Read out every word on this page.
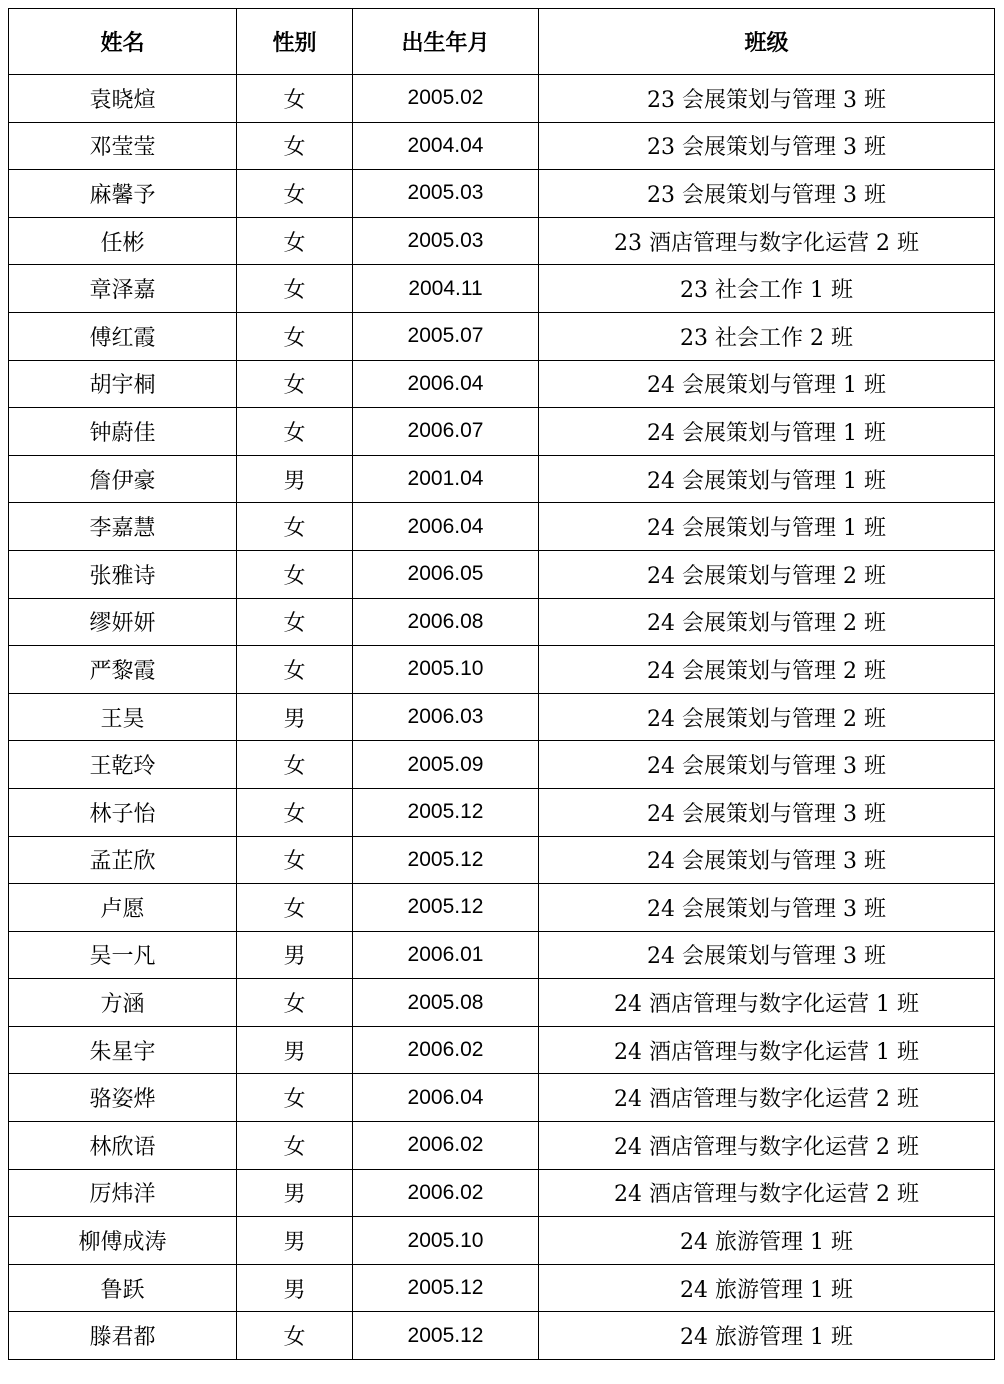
姓名	性别	出生年月	班级
袁晓煊	女	2005.02	23 会展策划与管理 3 班
邓莹莹	女	2004.04	23 会展策划与管理 3 班
麻馨予	女	2005.03	23 会展策划与管理 3 班
任彬	女	2005.03	23 酒店管理与数字化运营 2 班
章泽嘉	女	2004.11	23 社会工作 1 班
傅红霞	女	2005.07	23 社会工作 2 班
胡宇桐	女	2006.04	24 会展策划与管理 1 班
钟蔚佳	女	2006.07	24 会展策划与管理 1 班
詹伊豪	男	2001.04	24 会展策划与管理 1 班
李嘉慧	女	2006.04	24 会展策划与管理 1 班
张雅诗	女	2006.05	24 会展策划与管理 2 班
缪妍妍	女	2006.08	24 会展策划与管理 2 班
严黎霞	女	2005.10	24 会展策划与管理 2 班
王昊	男	2006.03	24 会展策划与管理 2 班
王乾玲	女	2005.09	24 会展策划与管理 3 班
林子怡	女	2005.12	24 会展策划与管理 3 班
孟芷欣	女	2005.12	24 会展策划与管理 3 班
卢愿	女	2005.12	24 会展策划与管理 3 班
吴一凡	男	2006.01	24 会展策划与管理 3 班
方涵	女	2005.08	24 酒店管理与数字化运营 1 班
朱星宇	男	2006.02	24 酒店管理与数字化运营 1 班
骆姿烨	女	2006.04	24 酒店管理与数字化运营 2 班
林欣语	女	2006.02	24 酒店管理与数字化运营 2 班
厉炜洋	男	2006.02	24 酒店管理与数字化运营 2 班
柳傅成涛	男	2005.10	24 旅游管理 1 班
鲁跃	男	2005.12	24 旅游管理 1 班
滕君都	女	2005.12	24 旅游管理 1 班
